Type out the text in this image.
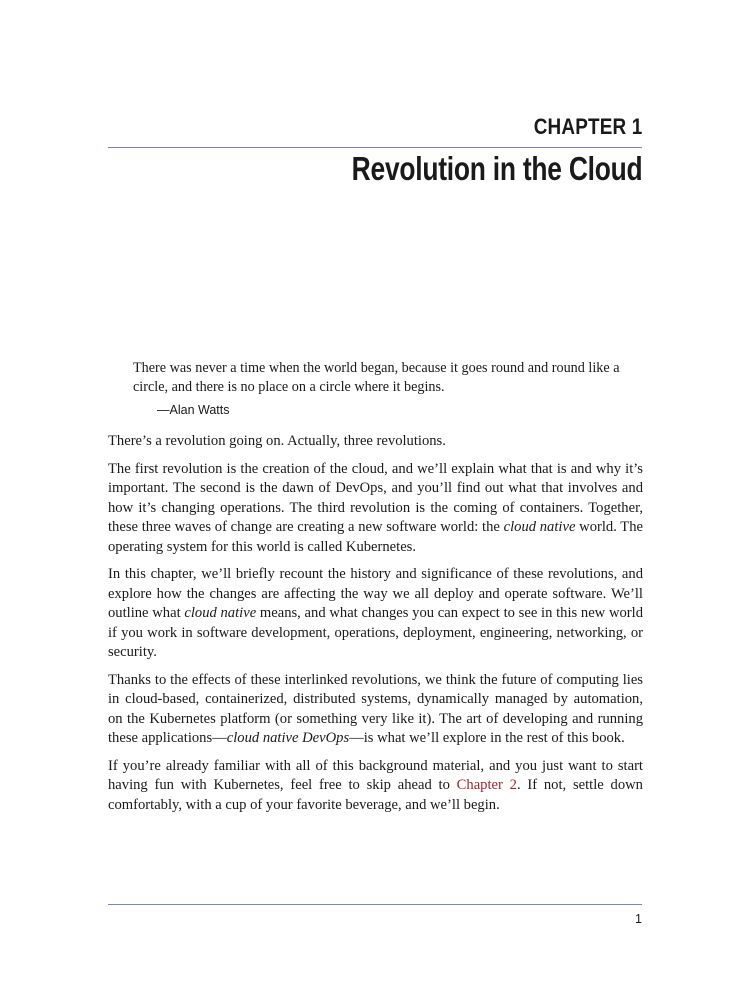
CHAPTER 1
Revolution in the Cloud

There was never a time when the world began, because it goes round and round like a circle, and there is no place on a circle where it begins.

—Alan Watts

There’s a revolution going on. Actually, three revolutions.

The first revolution is the creation of the cloud, and we’ll explain what that is and why it’s important. The second is the dawn of DevOps, and you’ll find out what that involves and how it’s changing operations. The third revolution is the coming of containers. Together, these three waves of change are creating a new software world: the cloud native world. The operating system for this world is called Kubernetes.

In this chapter, we’ll briefly recount the history and significance of these revolutions, and explore how the changes are affecting the way we all deploy and operate software. We’ll outline what cloud native means, and what changes you can expect to see in this new world if you work in software development, operations, deployment, engineering, networking, or security.

Thanks to the effects of these interlinked revolutions, we think the future of computing lies in cloud-based, containerized, distributed systems, dynamically managed by automation, on the Kubernetes platform (or something very like it). The art of developing and running these applications—cloud native DevOps—is what we’ll explore in the rest of this book.

If you’re already familiar with all of this background material, and you just want to start having fun with Kubernetes, feel free to skip ahead to Chapter 2. If not, settle down comfortably, with a cup of your favorite beverage, and we’ll begin.

1
